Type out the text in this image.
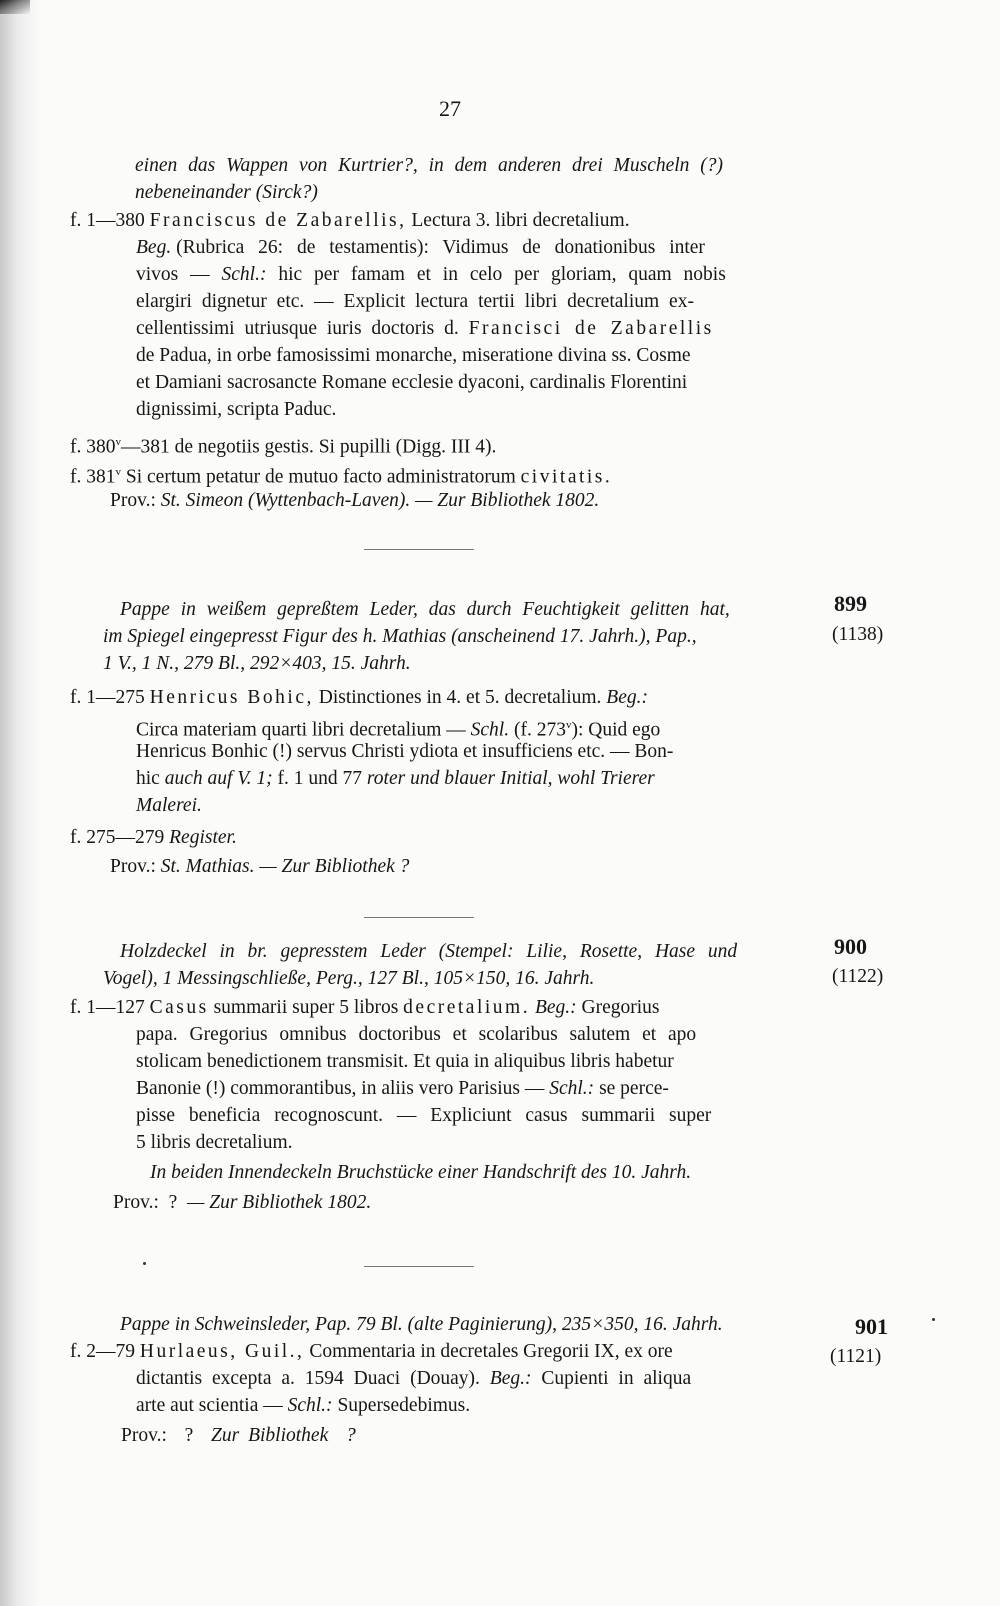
27
einen das Wappen von Kurtrier?, in dem anderen drei Muscheln (?)
nebeneinander (Sirck?)
f. 1—380 Franciscus de Zabarellis, Lectura 3. libri decretalium.
Beg. (Rubrica 26: de testamentis): Vidimus de donationibus inter
vivos — Schl.: hic per famam et in celo per gloriam, quam nobis
elargiri dignetur etc. — Explicit lectura tertii libri decretalium ex-
cellentissimi utriusque iuris doctoris d. Francisci de Zabarellis
de Padua, in orbe famosissimi monarche, miseratione divina ss. Cosme
et Damiani sacrosancte Romane ecclesie dyaconi, cardinalis Florentini
dignissimi, scripta Paduc.
f. 380$^v$—381 de negotiis gestis. Si pupilli (Digg. III 4).
f. 381$^v$ Si certum petatur de mutuo facto administratorum civitatis.
Prov.: St. Simeon (Wyttenbach-Laven). — Zur Bibliothek 1802.
Pappe in weißem gepreßtem Leder, das durch Feuchtigkeit gelitten hat,	899
im Spiegel eingepresst Figur des h. Mathias (anscheinend 17. Jahrh.), Pap.,	(1138)
1 V., 1 N., 279 Bl., 292×403, 15. Jahrh.
f. 1—275 Henricus Bohic, Distinctiones in 4. et 5. decretalium. Beg.:
Circa materiam quarti libri decretalium — Schl. (f. 273$^v$): Quid ego
Henricus Bonhic (!) servus Christi ydiota et insufficiens etc. — Bon-
hic auch auf V. 1; f. 1 und 77 roter und blauer Initial, wohl Trierer
Malerei.
f. 275—279 Register.
Prov.: St. Mathias. — Zur Bibliothek ?
Holzdeckel in br. gepresstem Leder (Stempel: Lilie, Rosette, Hase und	900
Vogel), 1 Messingschließe, Perg., 127 Bl., 105×150, 16. Jahrh.	(1122)
f. 1—127 Casus summarii super 5 libros decretalium. Beg.: Gregorius
papa. Gregorius omnibus doctoribus et scolaribus salutem et apo
stolicam benedictionem transmisit. Et quia in aliquibus libris habetur
Banonie (!) commorantibus, in aliis vero Parisius — Schl.: se perce-
pisse beneficia recognoscunt. — Expliciunt casus summarii super
5 libris decretalium.
In beiden Innendeckeln Bruchstücke einer Handschrift des 10. Jahrh.
Prov.: ? — Zur Bibliothek 1802.
Pappe in Schweinsleder, Pap. 79 Bl. (alte Paginierung), 235×350, 16. Jahrh.	901
f. 2—79 Hurlaeus, Guil., Commentaria in decretales Gregorii IX, ex ore	(1121)
dictantis excepta a. 1594 Duaci (Douay). Beg.: Cupienti in aliqua
arte aut scientia — Schl.: Supersedebimus.
Prov.: ? Zur Bibliothek ?
